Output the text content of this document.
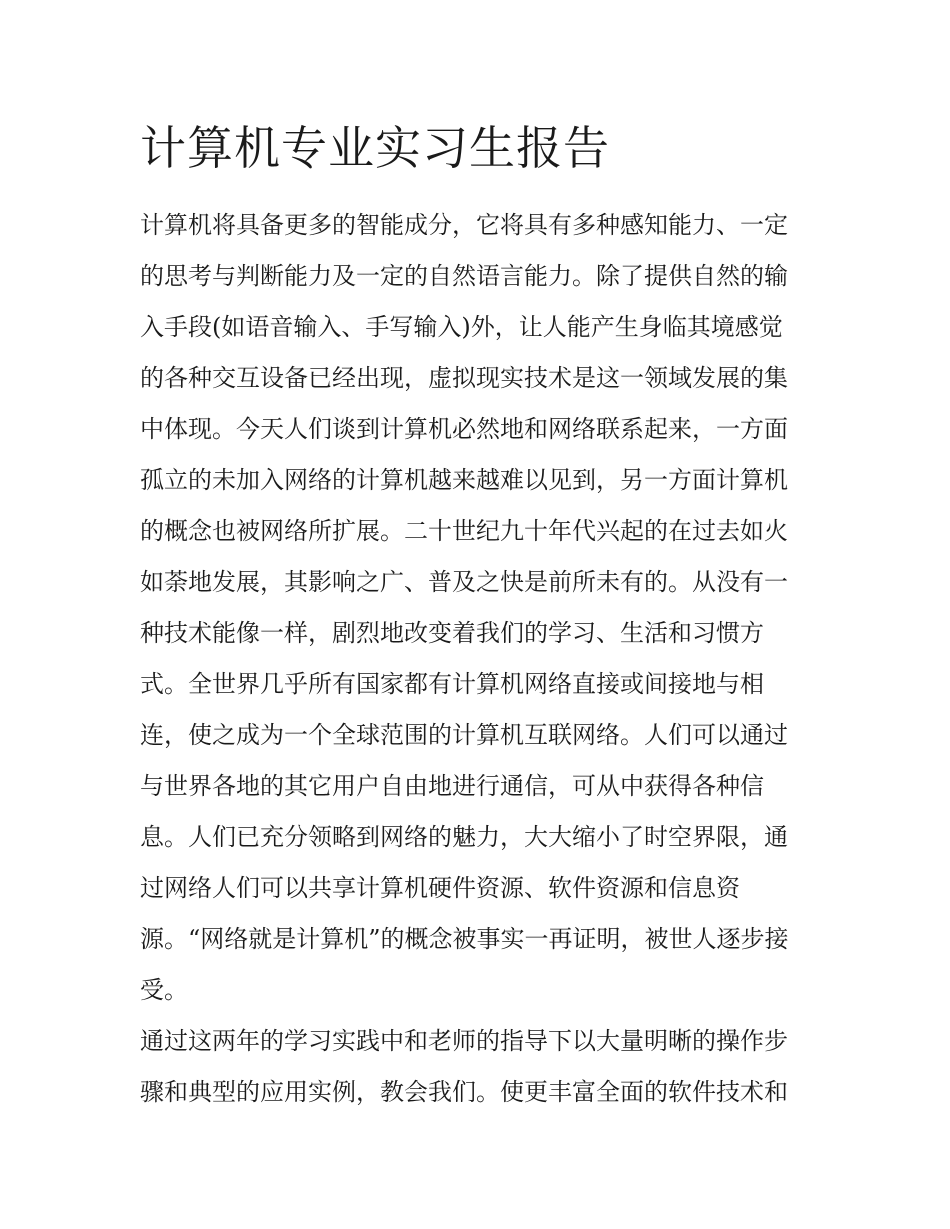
计算机专业实习生报告
计算机将具备更多的智能成分，它将具有多种感知能力、一定
的思考与判断能力及一定的自然语言能力。除了提供自然的输
入手段(如语音输入、手写输入)外，让人能产生身临其境感觉
的各种交互设备已经出现，虚拟现实技术是这一领域发展的集
中体现。今天人们谈到计算机必然地和网络联系起来，一方面
孤立的未加入网络的计算机越来越难以见到，另一方面计算机
的概念也被网络所扩展。二十世纪九十年代兴起的在过去如火
如荼地发展，其影响之广、普及之快是前所未有的。从没有一
种技术能像一样，剧烈地改变着我们的学习、生活和习惯方
式。全世界几乎所有国家都有计算机网络直接或间接地与相
连，使之成为一个全球范围的计算机互联网络。人们可以通过
与世界各地的其它用户自由地进行通信，可从中获得各种信
息。人们已充分领略到网络的魅力，大大缩小了时空界限，通
过网络人们可以共享计算机硬件资源、软件资源和信息资
源。“网络就是计算机”的概念被事实一再证明，被世人逐步接
受。
通过这两年的学习实践中和老师的指导下以大量明晰的操作步
骤和典型的应用实例，教会我们。使更丰富全面的软件技术和
